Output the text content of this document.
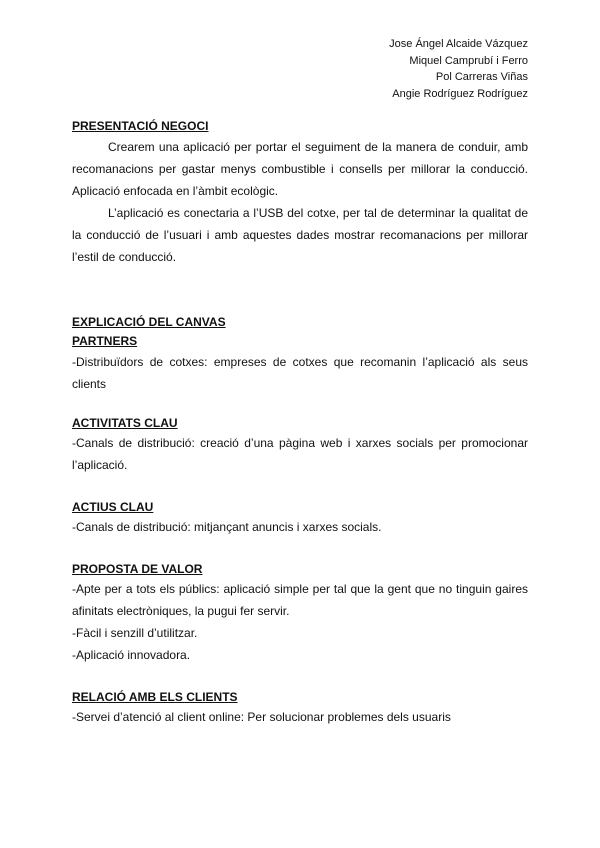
Jose Ángel Alcaide Vázquez
Miquel Camprubí i Ferro
Pol Carreras Viñas
Angie Rodríguez Rodríguez

PRESENTACIÓ NEGOCI

Crearem una aplicació per portar el seguiment de la manera de conduir, amb recomanacions per gastar menys combustible i consells per millorar la conducció. Aplicació enfocada en l’àmbit ecològic.

L’aplicació es conectaria a l’USB del cotxe, per tal de determinar la qualitat de la conducció de l’usuari i amb aquestes dades mostrar recomanacions per millorar l’estil de conducció.

EXPLICACIÓ DEL CANVAS

PARTNERS

-Distribuïdors de cotxes: empreses de cotxes que recomanin l’aplicació als seus clients

ACTIVITATS CLAU

-Canals de distribució: creació d’una pàgina web i xarxes socials per promocionar l’aplicació.

ACTIUS CLAU

-Canals de distribució: mitjançant anuncis i xarxes socials.

PROPOSTA DE VALOR

-Apte per a tots els públics: aplicació simple per tal que la gent que no tinguin gaires afinitats electròniques, la pugui fer servir.

-Fàcil i senzill d’utilitzar.

-Aplicació innovadora.

RELACIÓ AMB ELS CLIENTS

-Servei d’atenció al client online: Per solucionar problemes dels usuaris
